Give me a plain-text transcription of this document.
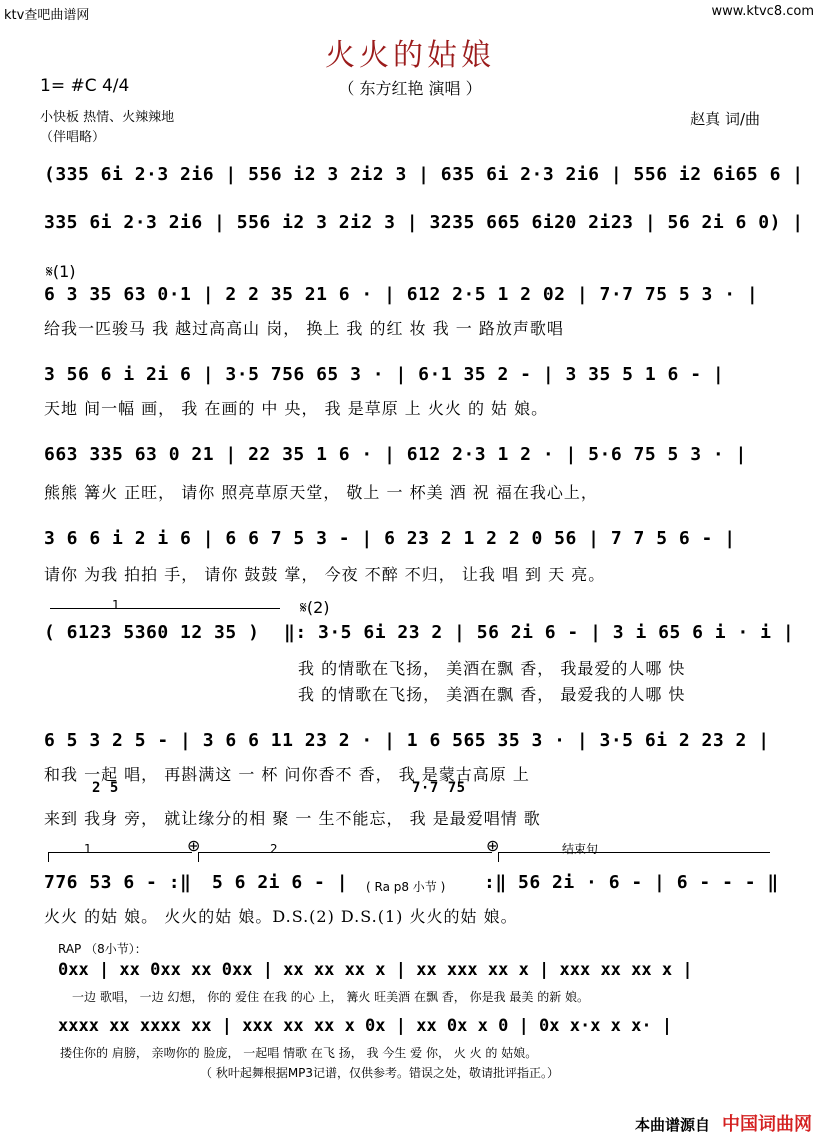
ktv查吧曲谱网	www.ktvc8.com
火火的姑娘
（ 东方红艳 演唱 ）
1= #C 4/4
小快板 热情、火辣辣地
（伴唱略）
赵真 词/曲
(335 6i 2·3 2i6 | 556 i2 3 2i2 3 | 635 6i 2·3 2i6 | 556 i2 6i65 6 |
335 6i 2·3 2i6 | 556 i2 3 2i2 3 | 3235 665 6i20 2i23 | 56 2i 6 0) |
𝄋(1)
6 3 35 63 0·1 | 2 2 35 21 6 · | 612 2·5 1 2 02 | 7·7 75 5 3 · |
给我一匹骏马 我 越过高高山 岗， 换上 我 的红 妆 我 一 路放声歌唱
3 56 6 i 2i 6 | 3·5 756 65 3 · | 6·1 35 2 - | 3 35 5 1 6 - |
天地 间一幅 画， 我 在画的 中 央， 我 是草原 上 火火 的 姑 娘。
663 335 63 0 21 | 22 35 1 6 · | 612 2·3 1 2 · | 5·6 75 5 3 · |
熊熊 篝火 正旺， 请你 照亮草原天堂， 敬上 一 杯美 酒 祝 福在我心上，
3 6 6 i 2 i 6 | 6 6 7 5 3 - | 6 23 2 1 2 2 0 56 | 7 7 5 6 - |
请你 为我 拍拍 手， 请你 鼓鼓 掌， 今夜 不醉 不归， 让我 唱 到 天 亮。
1	𝄋(2)
( 6123 5360 12 35 ) ‖: 3·5 6i 23 2 | 56 2i 6 - | 3 i 65 6 i · i |
我 的情歌在飞扬， 美酒在飘 香， 我最爱的人哪 快
我 的情歌在飞扬， 美酒在飘 香， 最爱我的人哪 快
6 5 3 2 5 - | 3 6 6 11 23 2 · | 1 6 565 35 3 · | 3·5 6i 2 23 2 |
和我 一起 唱， 再斟满这 一 杯 问你香不 香， 我 是蒙古高原 上
2 5	7·7 75
来到 我身 旁， 就让缘分的相 聚 一 生不能忘， 我 是最爱唱情 歌
1	⊕	2	⊕	结束句
776 53 6 - :‖ 5 6 2i 6 - | ( Ra p8 小节 ) :‖ 56 2i · 6 - | 6 - - - ‖
火火 的姑 娘。 火火的姑 娘。D.S.(2) D.S.(1) 火火的姑 娘。
RAP （8小节）：
0xx | xx 0xx xx 0xx | xx xx xx x | xx xxx xx x | xxx xx xx x |
一边 歌唱， 一边 幻想， 你的 爱住 在我 的心 上， 篝火 旺美酒 在飘 香， 你是我 最美 的新 娘。
xxxx xx xxxx xx | xxx xx xx x 0x | xx 0x x 0 | 0x x·x x x· |
搂住你的 肩膀， 亲吻你的 脸庞， 一起唱 情歌 在飞 扬， 我 今生 爱 你， 火 火 的 姑娘。
（ 秋叶起舞根据MP3记谱，仅供参考。错误之处，敬请批评指正。）
本曲谱源自 中国词曲网
